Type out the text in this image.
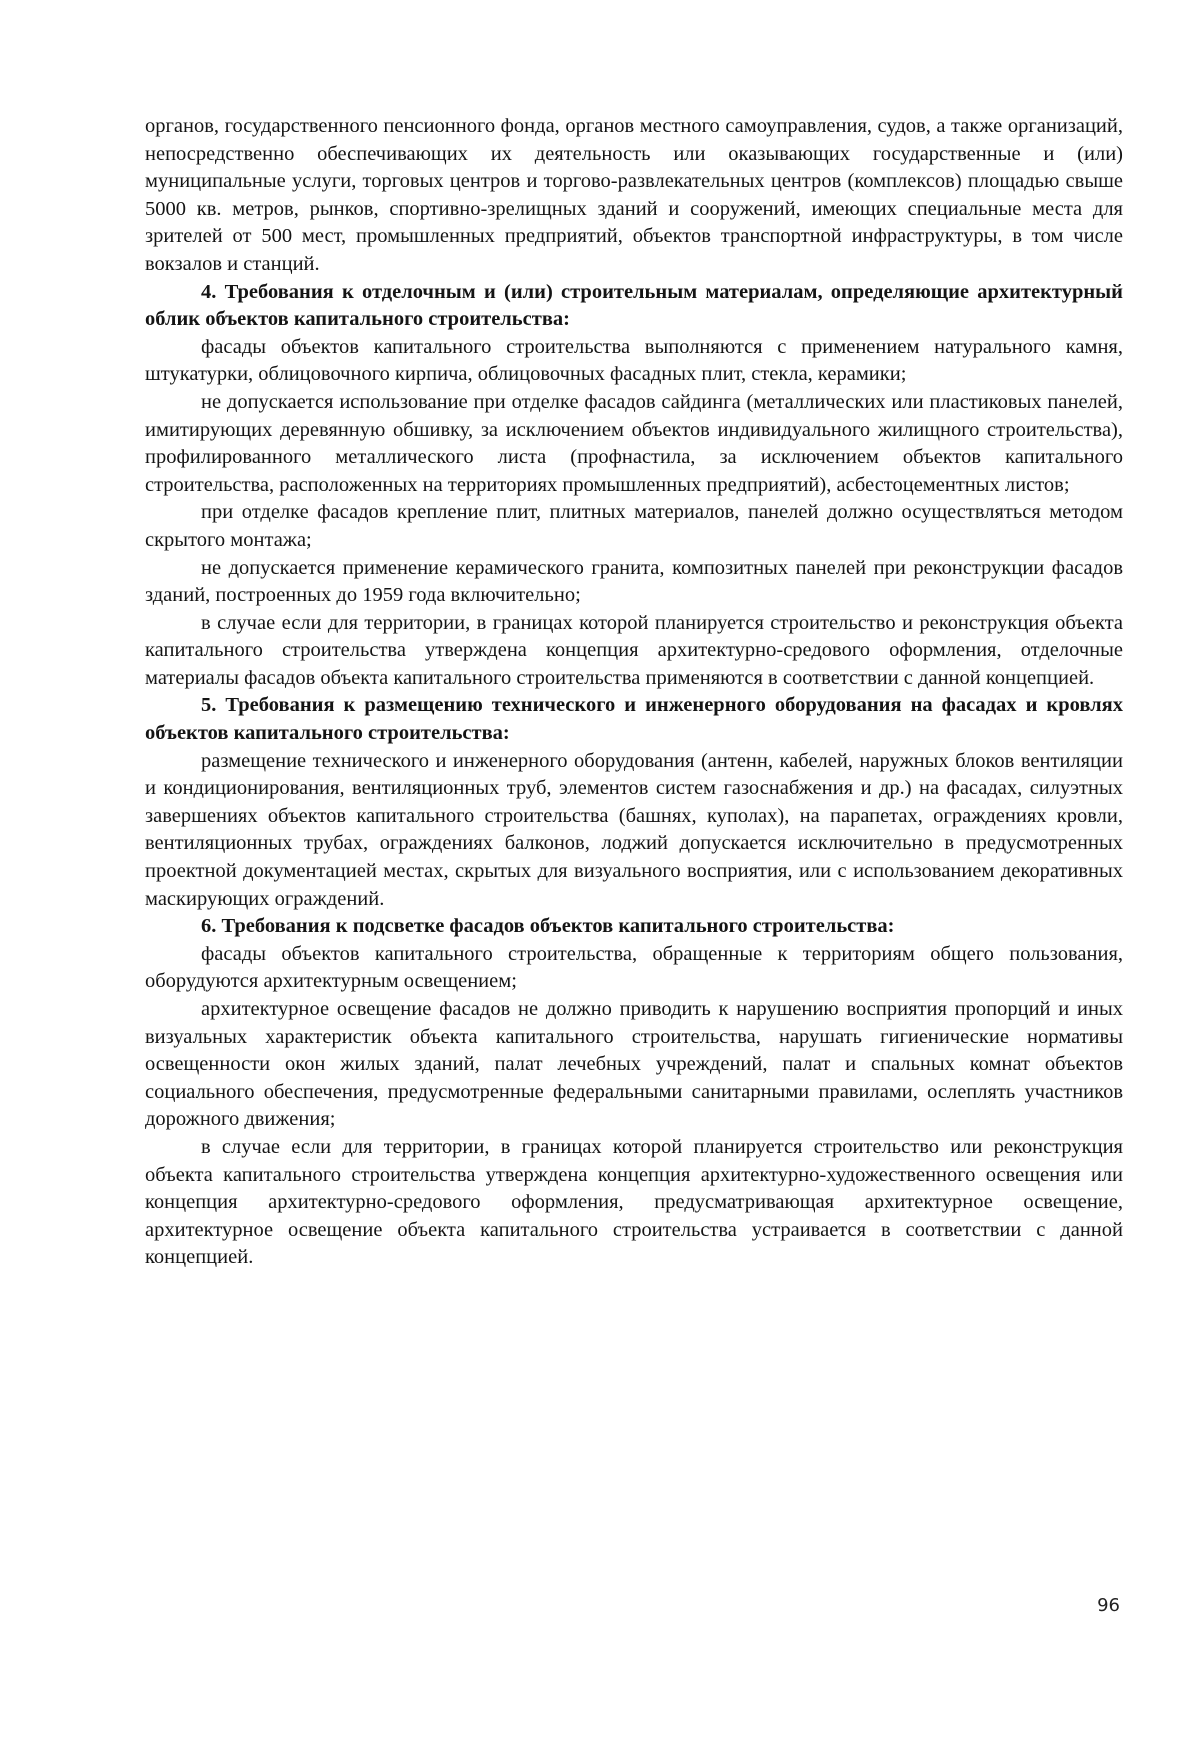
органов, государственного пенсионного фонда, органов местного самоуправления, судов, а также организаций, непосредственно обеспечивающих их деятельность или оказывающих государственные и (или) муниципальные услуги, торговых центров и торгово-развлекательных центров (комплексов) площадью свыше 5000 кв. метров, рынков, спортивно-зрелищных зданий и сооружений, имеющих специальные места для зрителей от 500 мест, промышленных предприятий, объектов транспортной инфраструктуры, в том числе вокзалов и станций.

4. Требования к отделочным и (или) строительным материалам, определяющие архитектурный облик объектов капитального строительства:

фасады объектов капитального строительства выполняются с применением натурального камня, штукатурки, облицовочного кирпича, облицовочных фасадных плит, стекла, керамики;

не допускается использование при отделке фасадов сайдинга (металлических или пластиковых панелей, имитирующих деревянную обшивку, за исключением объектов индивидуального жилищного строительства), профилированного металлического листа (профнастила, за исключением объектов капитального строительства, расположенных на территориях промышленных предприятий), асбестоцементных листов;

при отделке фасадов крепление плит, плитных материалов, панелей должно осуществляться методом скрытого монтажа;

не допускается применение керамического гранита, композитных панелей при реконструкции фасадов зданий, построенных до 1959 года включительно;

в случае если для территории, в границах которой планируется строительство и реконструкция объекта капитального строительства утверждена концепция архитектурно-средового оформления, отделочные материалы фасадов объекта капитального строительства применяются в соответствии с данной концепцией.

5. Требования к размещению технического и инженерного оборудования на фасадах и кровлях объектов капитального строительства:

размещение технического и инженерного оборудования (антенн, кабелей, наружных блоков вентиляции и кондиционирования, вентиляционных труб, элементов систем газоснабжения и др.) на фасадах, силуэтных завершениях объектов капитального строительства (башнях, куполах), на парапетах, ограждениях кровли, вентиляционных трубах, ограждениях балконов, лоджий допускается исключительно в предусмотренных проектной документацией местах, скрытых для визуального восприятия, или с использованием декоративных маскирующих ограждений.

6. Требования к подсветке фасадов объектов капитального строительства:

фасады объектов капитального строительства, обращенные к территориям общего пользования, оборудуются архитектурным освещением;

архитектурное освещение фасадов не должно приводить к нарушению восприятия пропорций и иных визуальных характеристик объекта капитального строительства, нарушать гигиенические нормативы освещенности окон жилых зданий, палат лечебных учреждений, палат и спальных комнат объектов социального обеспечения, предусмотренные федеральными санитарными правилами, ослеплять участников дорожного движения;

в случае если для территории, в границах которой планируется строительство или реконструкция объекта капитального строительства утверждена концепция архитектурно-художественного освещения или концепция архитектурно-средового оформления, предусматривающая архитектурное освещение, архитектурное освещение объекта капитального строительства устраивается в соответствии с данной концепцией.

96
